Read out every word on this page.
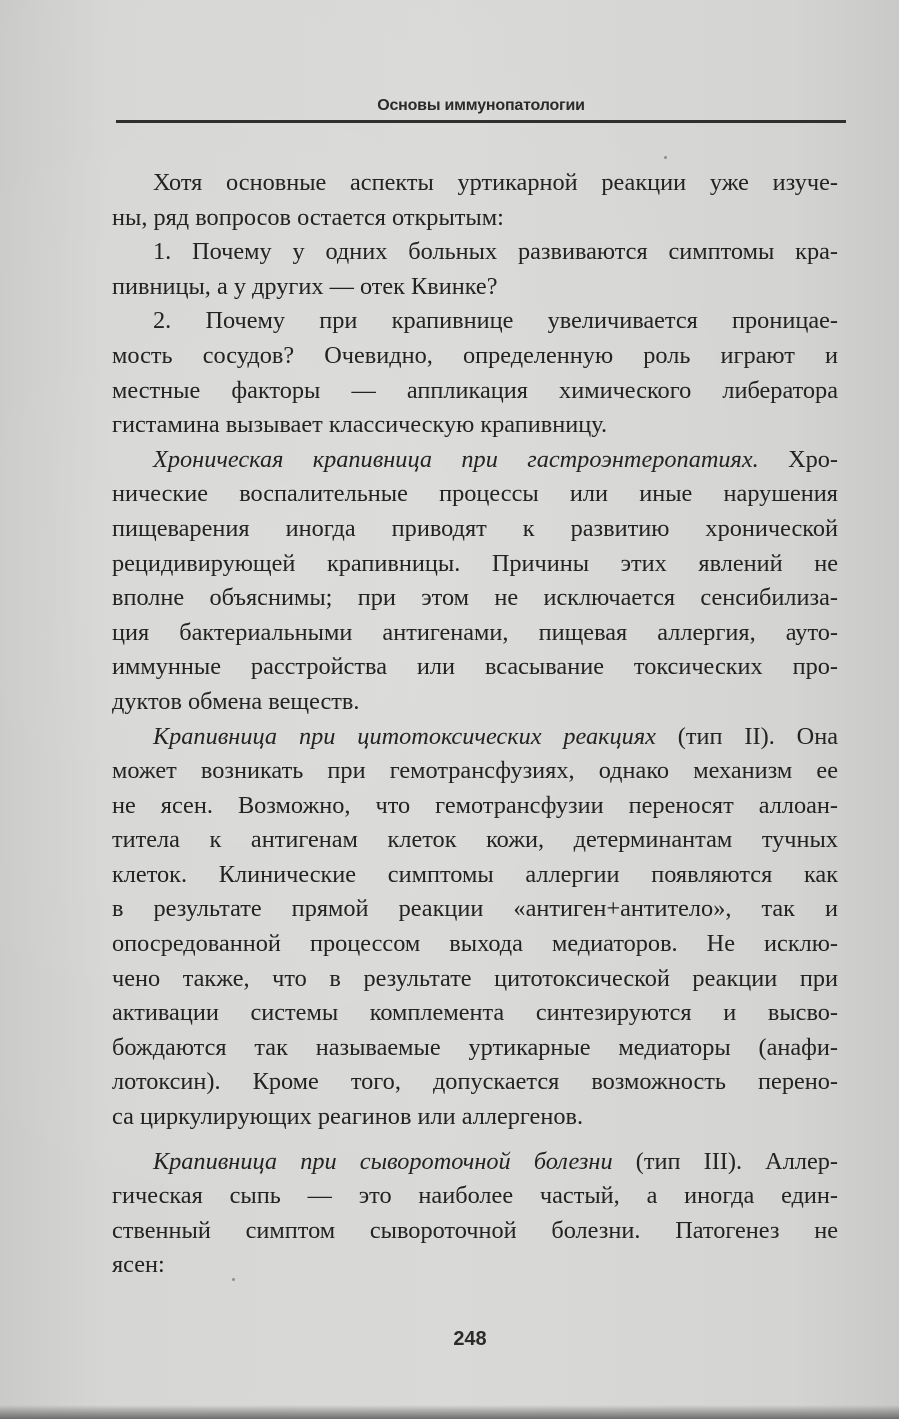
Основы иммунопатологии
Хотя основные аспекты уртикарной реакции уже изуче-
ны, ряд вопросов остается открытым:
1. Почему у одних больных развиваются симптомы кра-
пивницы, а у других — отек Квинке?
2. Почему при крапивнице увеличивается проницае-
мость сосудов? Очевидно, определенную роль играют и
местные факторы — аппликация химического либератора
гистамина вызывает классическую крапивницу.
Хроническая крапивница при гастроэнтеропатиях. Хро-
нические воспалительные процессы или иные нарушения
пищеварения иногда приводят к развитию хронической
рецидивирующей крапивницы. Причины этих явлений не
вполне объяснимы; при этом не исключается сенсибилиза-
ция бактериальными антигенами, пищевая аллергия, ауто-
иммунные расстройства или всасывание токсических про-
дуктов обмена веществ.
Крапивница при цитотоксических реакциях (тип II). Она
может возникать при гемотрансфузиях, однако механизм ее
не ясен. Возможно, что гемотрансфузии переносят аллоан-
титела к антигенам клеток кожи, детерминантам тучных
клеток. Клинические симптомы аллергии появляются как
в результате прямой реакции «антиген+антитело», так и
опосредованной процессом выхода медиаторов. Не исклю-
чено также, что в результате цитотоксической реакции при
активации системы комплемента синтезируются и высво-
бождаются так называемые уртикарные медиаторы (анафи-
лотоксин). Кроме того, допускается возможность перено-
са циркулирующих реагинов или аллергенов.
Крапивница при сывороточной болезни (тип III). Аллер-
гическая сыпь — это наиболее частый, а иногда един-
ственный симптом сывороточной болезни. Патогенез не
ясен:
248
